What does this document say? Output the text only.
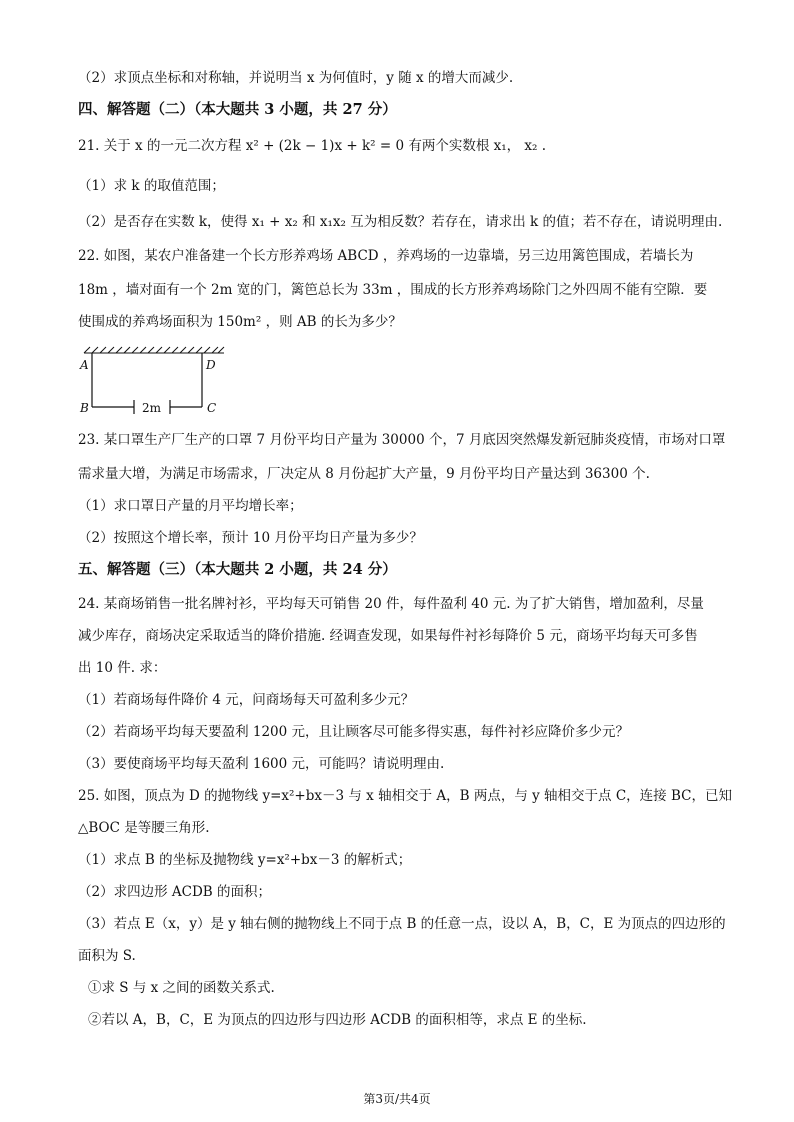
（2）求顶点坐标和对称轴，并说明当 x 为何值时，y 随 x 的增大而减少.
四、解答题（二）（本大题共 3 小题，共 27 分）
21. 关于 x 的一元二次方程 x² + (2k − 1)x + k² = 0 有两个实数根 x₁， x₂ .
（1）求 k 的取值范围；
（2）是否存在实数 k，使得 x₁ + x₂ 和 x₁x₂ 互为相反数？若存在，请求出 k 的值；若不存在，请说明理由.
22. 如图，某农户准备建一个长方形养鸡场 ABCD ，养鸡场的一边靠墙，另三边用篱笆围成，若墙长为
18m ，墙对面有一个 2m 宽的门，篱笆总长为 33m ，围成的长方形养鸡场除门之外四周不能有空隙．要
使围成的养鸡场面积为 150m² ，则 AB 的长为多少？
A	D
B	C
2m
23. 某口罩生产厂生产的口罩 7 月份平均日产量为 30000 个，7 月底因突然爆发新冠肺炎疫情，市场对口罩
需求量大增，为满足市场需求，厂决定从 8 月份起扩大产量，9 月份平均日产量达到 36300 个.
（1）求口罩日产量的月平均增长率；
（2）按照这个增长率，预计 10 月份平均日产量为多少？
五、解答题（三）（本大题共 2 小题，共 24 分）
24. 某商场销售一批名牌衬衫，平均每天可销售 20 件，每件盈利 40 元. 为了扩大销售，增加盈利，尽量
减少库存，商场决定采取适当的降价措施. 经调查发现，如果每件衬衫每降价 5 元，商场平均每天可多售
出 10 件. 求：
（1）若商场每件降价 4 元，问商场每天可盈利多少元？
（2）若商场平均每天要盈利 1200 元，且让顾客尽可能多得实惠，每件衬衫应降价多少元？
（3）要使商场平均每天盈利 1600 元，可能吗？请说明理由.
25. 如图，顶点为 D 的抛物线 y=x²+bx－3 与 x 轴相交于 A，B 两点，与 y 轴相交于点 C，连接 BC，已知
△BOC 是等腰三角形.
（1）求点 B 的坐标及抛物线 y=x²+bx－3 的解析式；
（2）求四边形 ACDB 的面积；
（3）若点 E（x，y）是 y 轴右侧的抛物线上不同于点 B 的任意一点，设以 A，B，C，E 为顶点的四边形的
面积为 S.
①求 S 与 x 之间的函数关系式.
②若以 A，B，C，E 为顶点的四边形与四边形 ACDB 的面积相等，求点 E 的坐标.
第3页/共4页
